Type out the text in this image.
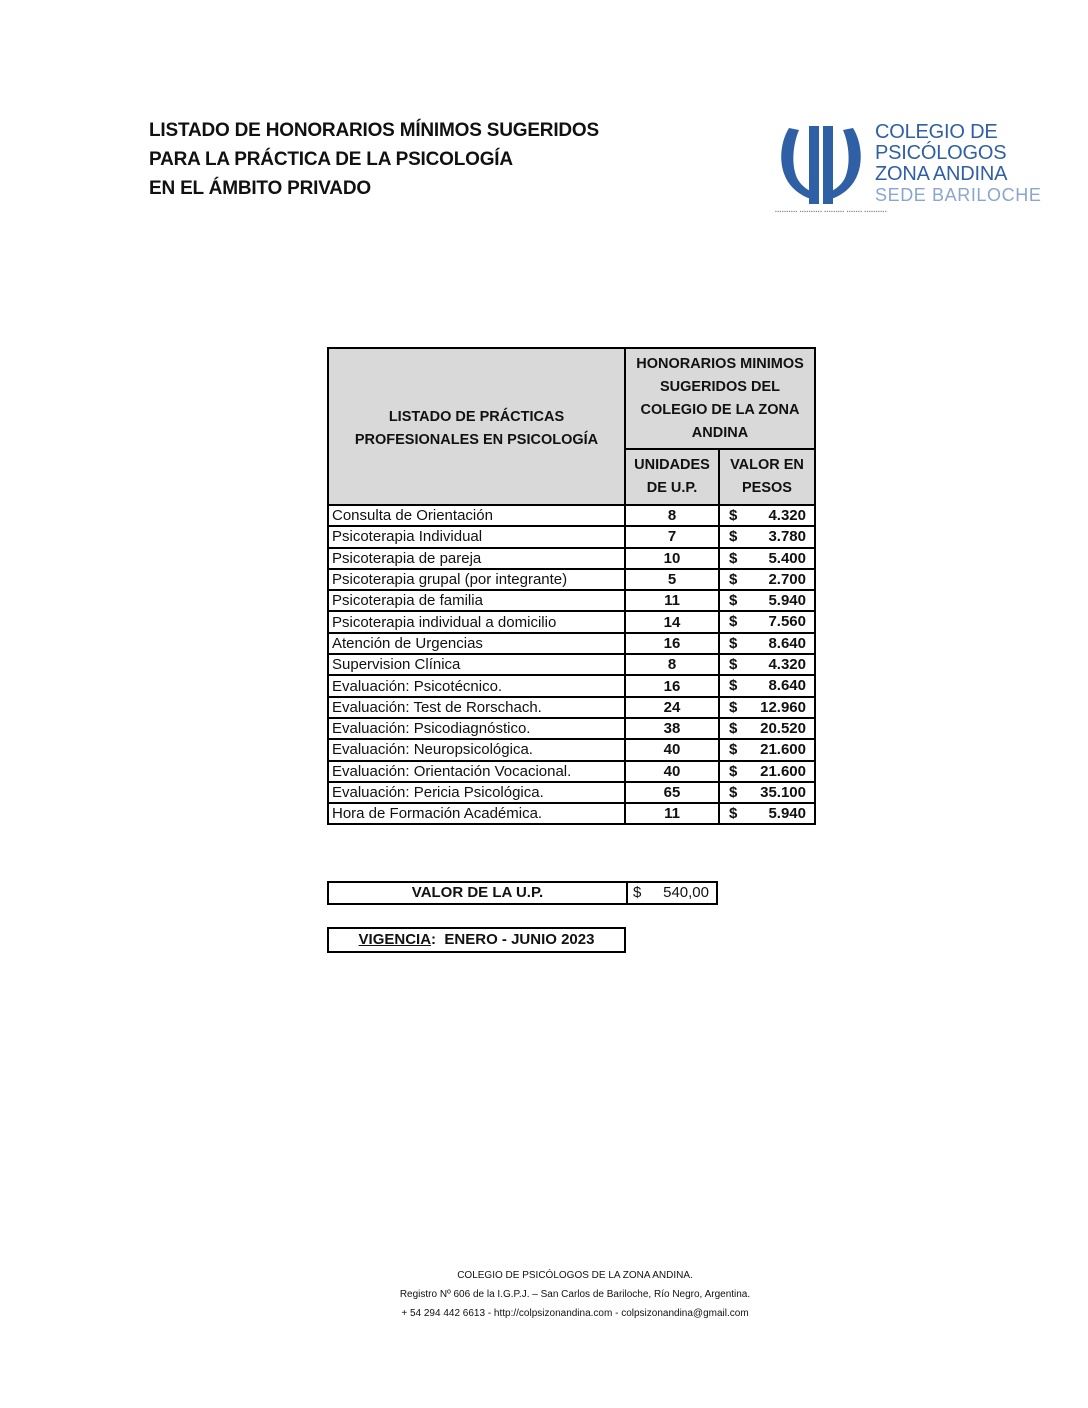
LISTADO DE HONORARIOS MÍNIMOS SUGERIDOS
PARA LA PRÁCTICA DE LA PSICOLOGÍA
EN EL ÁMBITO PRIVADO
COLEGIO DE
PSICÓLOGOS
ZONA ANDINA
SEDE BARILOCHE
▪▪▪▪▪▪▪▪▪▪ ▪▪▪▪▪▪▪▪▪▪ ▪▪▪▪▪▪▪▪▪ ▪▪▪▪▪▪▪ ▪▪▪▪▪▪▪▪▪▪
LISTADO DE PRÁCTICAS PROFESIONALES EN PSICOLOGÍA	HONORARIOS MINIMOS SUGERIDOS DEL COLEGIO DE LA ZONA ANDINA	
	UNIDADES DE U.P.	VALOR EN PESOS
Consulta de Orientación	8	$ 4.320

Psicoterapia Individual	7	$ 3.780

Psicoterapia de pareja	10	$ 5.400

Psicoterapia grupal (por integrante)	5	$ 2.700

Psicoterapia de familia	11	$ 5.940

Psicoterapia individual a domicilio	14	$ 7.560

Atención de Urgencias	16	$ 8.640

Supervision Clínica	8	$ 4.320

Evaluación: Psicotécnico.	16	$ 8.640

Evaluación: Test de Rorschach.	24	$ 12.960

Evaluación: Psicodiagnóstico.	38	$ 20.520

Evaluación: Neuropsicológica.	40	$ 21.600

Evaluación: Orientación Vocacional.	40	$ 21.600

Evaluación: Pericia Psicológica.	65	$ 35.100

Hora de Formación Académica.	11	$ 5.940
VALOR DE LA U.P.	$ 540,00
VIGENCIA: ENERO - JUNIO 2023
COLEGIO DE PSICÓLOGOS DE LA ZONA ANDINA.
Registro Nº 606 de la I.G.P.J. – San Carlos de Bariloche, Río Negro, Argentina.
+ 54 294 442 6613 - http://colpsizonandina.com - colpsizonandina@gmail.com
